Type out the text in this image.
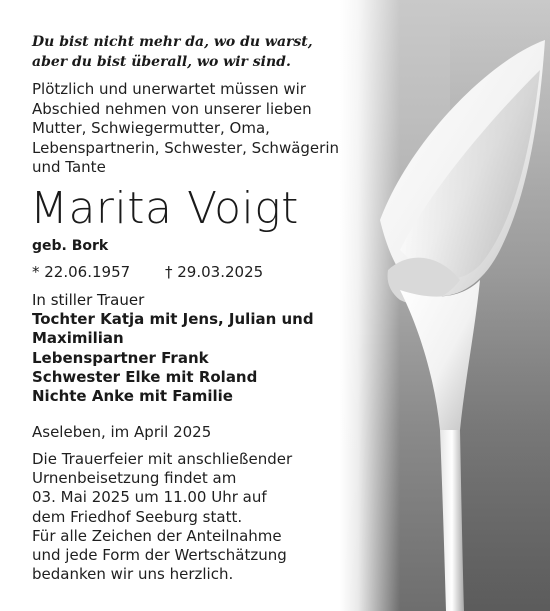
Du bist nicht mehr da, wo du warst,
aber du bist überall, wo wir sind.
Plötzlich und unerwartet müssen wir
Abschied nehmen von unserer lieben
Mutter, Schwiegermutter, Oma,
Lebenspartnerin, Schwester, Schwägerin
und Tante
Marita Voigt
geb. Bork
* 22.06.1957 † 29.03.2025
In stiller Trauer
Tochter Katja mit Jens, Julian und
Maximilian
Lebenspartner Frank
Schwester Elke mit Roland
Nichte Anke mit Familie
Aseleben, im April 2025
Die Trauerfeier mit anschließender
Urnenbeisetzung findet am
03. Mai 2025 um 11.00 Uhr auf
dem Friedhof Seeburg statt.
Für alle Zeichen der Anteilnahme
und jede Form der Wertschätzung
bedanken wir uns herzlich.
